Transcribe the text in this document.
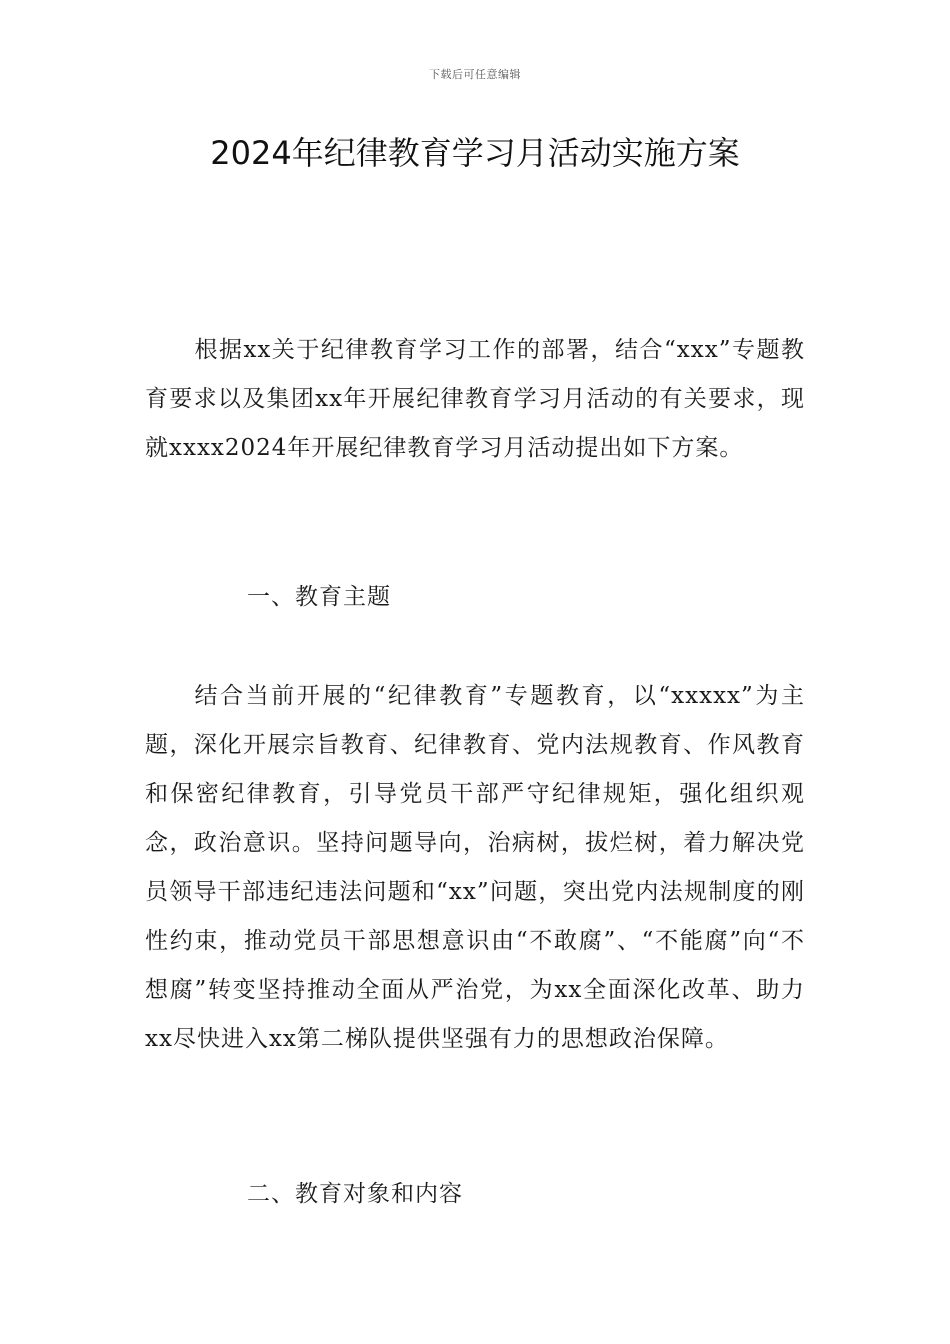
下载后可任意编辑
2024年纪律教育学习月活动实施方案

根据xx关于纪律教育学习工作的部署，结合“xxx”专题教育要求以及集团xx年开展纪律教育学习月活动的有关要求，现就xxxx2024年开展纪律教育学习月活动提出如下方案。

一、教育主题

结合当前开展的“纪律教育”专题教育，以“xxxxx”为主题，深化开展宗旨教育、纪律教育、党内法规教育、作风教育和保密纪律教育，引导党员干部严守纪律规矩，强化组织观念，政治意识。坚持问题导向，治病树，拔烂树，着力解决党员领导干部违纪违法问题和“xx”问题，突出党内法规制度的刚性约束，推动党员干部思想意识由“不敢腐”、“不能腐”向“不想腐”转变坚持推动全面从严治党，为xx全面深化改革、助力xx尽快进入xx第二梯队提供坚强有力的思想政治保障。

二、教育对象和内容
